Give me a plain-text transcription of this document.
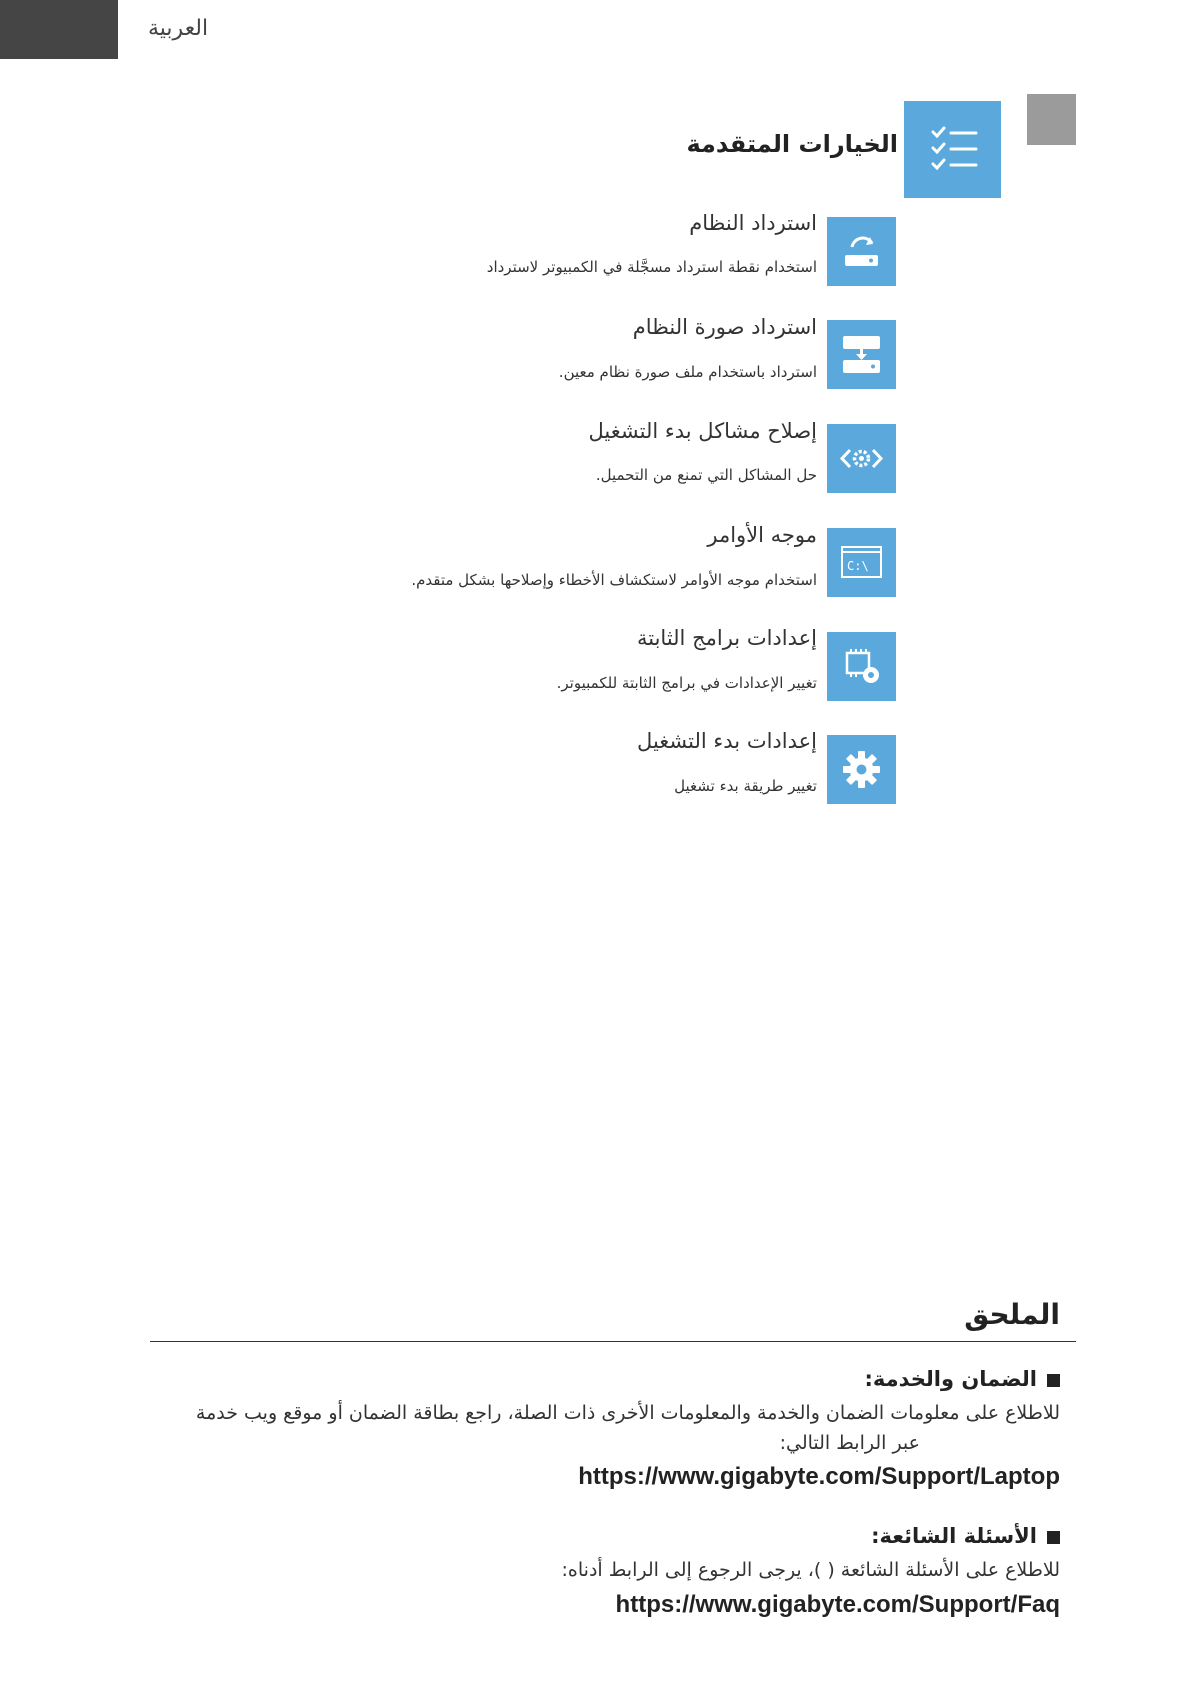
العربية
الخيارات المتقدمة
استرداد النظام
استخدام نقطة استرداد مسجَّلة في الكمبيوتر لاسترداد
استرداد صورة النظام
استرداد باستخدام ملف صورة نظام معين.
إصلاح مشاكل بدء التشغيل
حل المشاكل التي تمنع من التحميل.
C:\
موجه الأوامر
استخدام موجه الأوامر لاستكشاف الأخطاء وإصلاحها بشكل متقدم.
إعدادات برامج الثابتة
تغيير الإعدادات في برامج الثابتة للكمبيوتر.
إعدادات بدء التشغيل
تغيير طريقة بدء تشغيل
الملحق
الضمان والخدمة:
للاطلاع على معلومات الضمان والخدمة والمعلومات الأخرى ذات الصلة، راجع بطاقة الضمان أو موقع ويب خدمة
عبر الرابط التالي:
https://www.gigabyte.com/Support/Laptop
الأسئلة الشائعة:
للاطلاع على الأسئلة الشائعة ( )، يرجى الرجوع إلى الرابط أدناه:
https://www.gigabyte.com/Support/Faq
